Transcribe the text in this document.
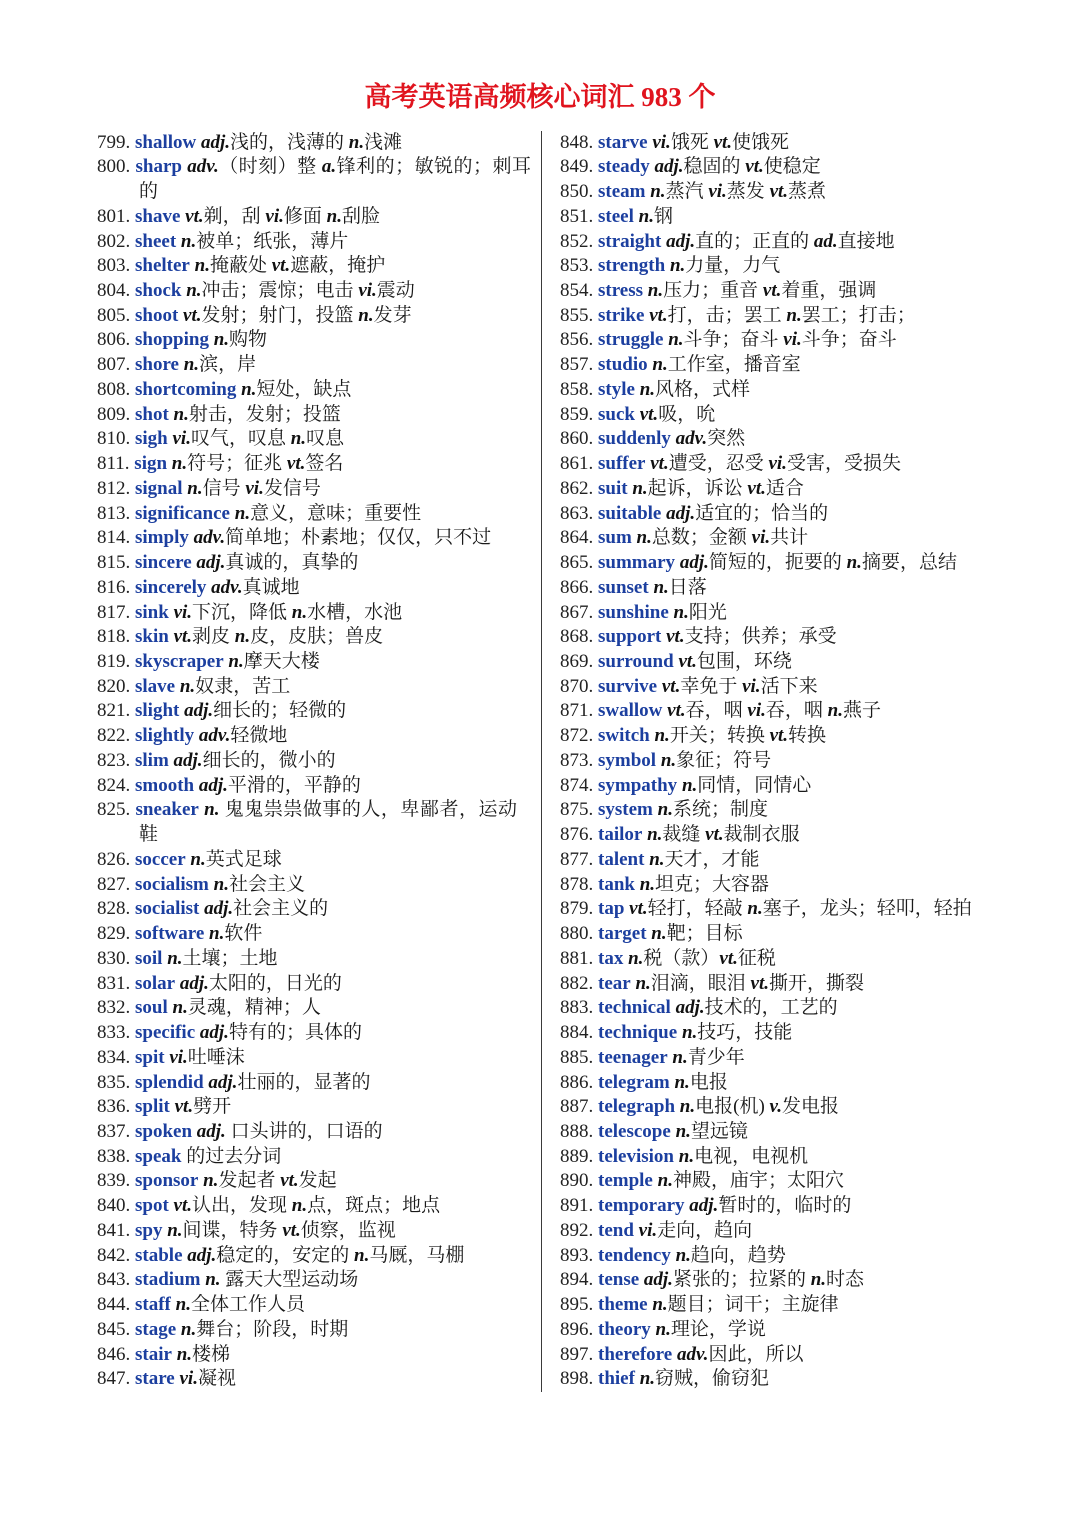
高考英语高频核心词汇 983 个
799. shallow adj.浅的，浅薄的 n.浅滩
800. sharp adv.（时刻）整 a.锋利的；敏锐的；刺耳的
801. shave vt.剃，刮 vi.修面 n.刮脸
802. sheet n.被单；纸张，薄片
803. shelter n.掩蔽处 vt.遮蔽，掩护
804. shock n.冲击；震惊；电击 vi.震动
805. shoot vt.发射；射门，投篮 n.发芽
806. shopping n.购物
807. shore n.滨，岸
808. shortcoming n.短处，缺点
809. shot n.射击，发射；投篮
810. sigh vi.叹气，叹息 n.叹息
811. sign n.符号；征兆 vt.签名
812. signal n.信号 vi.发信号
813. significance n.意义，意味；重要性
814. simply adv.简单地；朴素地；仅仅，只不过
815. sincere adj.真诚的，真挚的
816. sincerely adv.真诚地
817. sink vi.下沉，降低 n.水槽，水池
818. skin vt.剥皮 n.皮，皮肤；兽皮
819. skyscraper n.摩天大楼
820. slave n.奴隶，苦工
821. slight adj.细长的；轻微的
822. slightly adv.轻微地
823. slim adj.细长的，微小的
824. smooth adj.平滑的，平静的
825. sneaker n. 鬼鬼祟祟做事的人，卑鄙者，运动鞋
826. soccer n.英式足球
827. socialism n.社会主义
828. socialist adj.社会主义的
829. software n.软件
830. soil n.土壤；土地
831. solar adj.太阳的，日光的
832. soul n.灵魂，精神；人
833. specific adj.特有的；具体的
834. spit vi.吐唾沫
835. splendid adj.壮丽的，显著的
836. split vt.劈开
837. spoken adj. 口头讲的，口语的
838. speak 的过去分词
839. sponsor n.发起者 vt.发起
840. spot vt.认出，发现 n.点，斑点；地点
841. spy n.间谍，特务 vt.侦察，监视
842. stable adj.稳定的，安定的 n.马厩，马棚
843. stadium n. 露天大型运动场
844. staff n.全体工作人员
845. stage n.舞台；阶段，时期
846. stair n.楼梯
847. stare vi.凝视
848. starve vi.饿死 vt.使饿死
849. steady adj.稳固的 vt.使稳定
850. steam n.蒸汽 vi.蒸发 vt.蒸煮
851. steel n.钢
852. straight adj.直的；正直的 ad.直接地
853. strength n.力量，力气
854. stress n.压力；重音 vt.着重，强调
855. strike vt.打，击；罢工 n.罢工；打击；
856. struggle n.斗争；奋斗 vi.斗争；奋斗
857. studio n.工作室，播音室
858. style n.风格，式样
859. suck vt.吸，吮
860. suddenly adv.突然
861. suffer vt.遭受，忍受 vi.受害，受损失
862. suit n.起诉，诉讼 vt.适合
863. suitable adj.适宜的；恰当的
864. sum n.总数；金额 vi.共计
865. summary adj.简短的，扼要的 n.摘要，总结
866. sunset n.日落
867. sunshine n.阳光
868. support vt.支持；供养；承受
869. surround vt.包围，环绕
870. survive vt.幸免于 vi.活下来
871. swallow vt.吞，咽 vi.吞，咽 n.燕子
872. switch n.开关；转换 vt.转换
873. symbol n.象征；符号
874. sympathy n.同情，同情心
875. system n.系统；制度
876. tailor n.裁缝 vt.裁制衣服
877. talent n.天才，才能
878. tank n.坦克；大容器
879. tap vt.轻打，轻敲 n.塞子，龙头；轻叩，轻拍
880. target n.靶；目标
881. tax n.税（款）vt.征税
882. tear n.泪滴，眼泪 vt.撕开，撕裂
883. technical adj.技术的，工艺的
884. technique n.技巧，技能
885. teenager n.青少年
886. telegram n.电报
887. telegraph n.电报(机) v.发电报
888. telescope n.望远镜
889. television n.电视，电视机
890. temple n.神殿，庙宇；太阳穴
891. temporary adj.暂时的，临时的
892. tend vi.走向，趋向
893. tendency n.趋向，趋势
894. tense adj.紧张的；拉紧的 n.时态
895. theme n.题目；词干；主旋律
896. theory n.理论，学说
897. therefore adv.因此，所以
898. thief n.窃贼，偷窃犯
